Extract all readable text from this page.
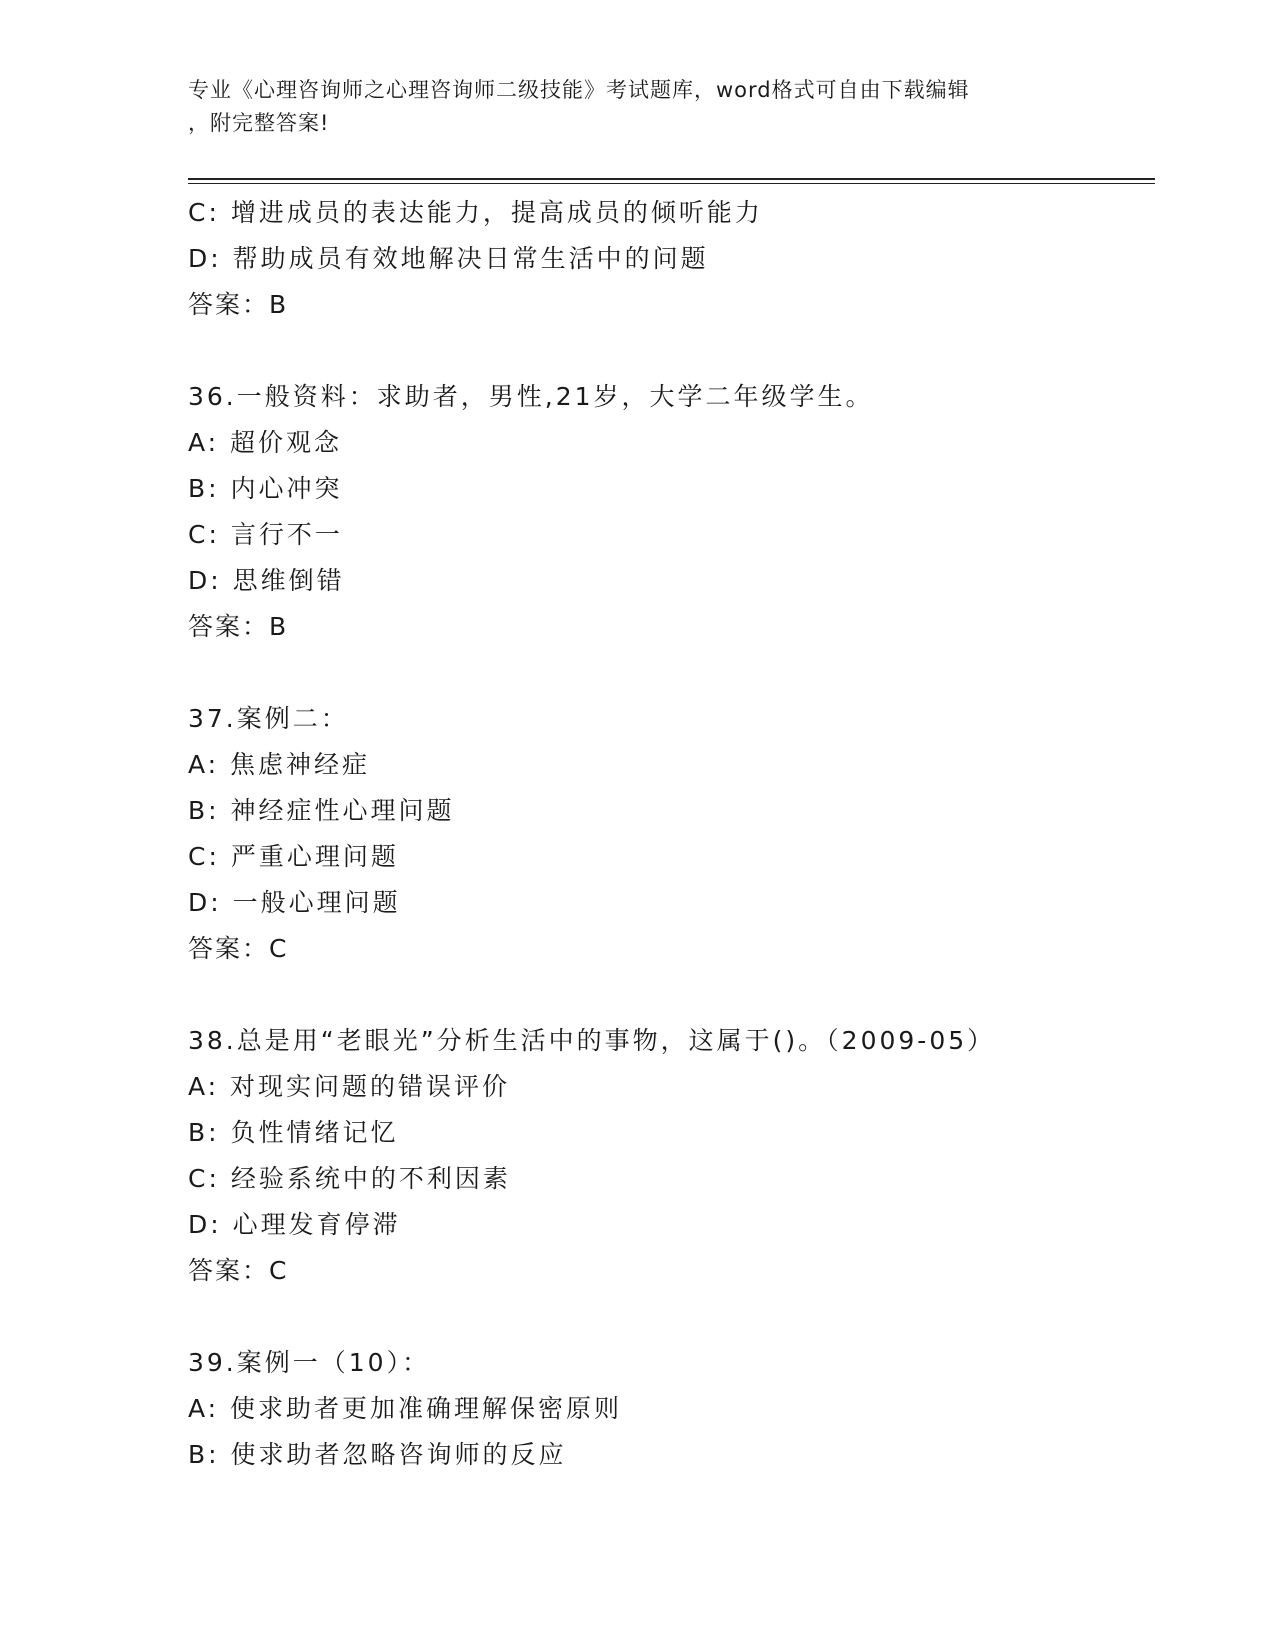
专业《心理咨询师之心理咨询师二级技能》考试题库，word格式可自由下载编辑
，附完整答案!
C: 增进成员的表达能力，提高成员的倾听能力
D: 帮助成员有效地解决日常生活中的问题
答案：B
36.一般资料：求助者，男性,21岁，大学二年级学生。
A: 超价观念
B: 内心冲突
C: 言行不一
D: 思维倒错
答案：B
37.案例二：
A: 焦虑神经症
B: 神经症性心理问题
C: 严重心理问题
D: 一般心理问题
答案：C
38.总是用“老眼光”分析生活中的事物，这属于()。（2009-05）
A: 对现实问题的错误评价
B: 负性情绪记忆
C: 经验系统中的不利因素
D: 心理发育停滞
答案：C
39.案例一（10）：
A: 使求助者更加准确理解保密原则
B: 使求助者忽略咨询师的反应
